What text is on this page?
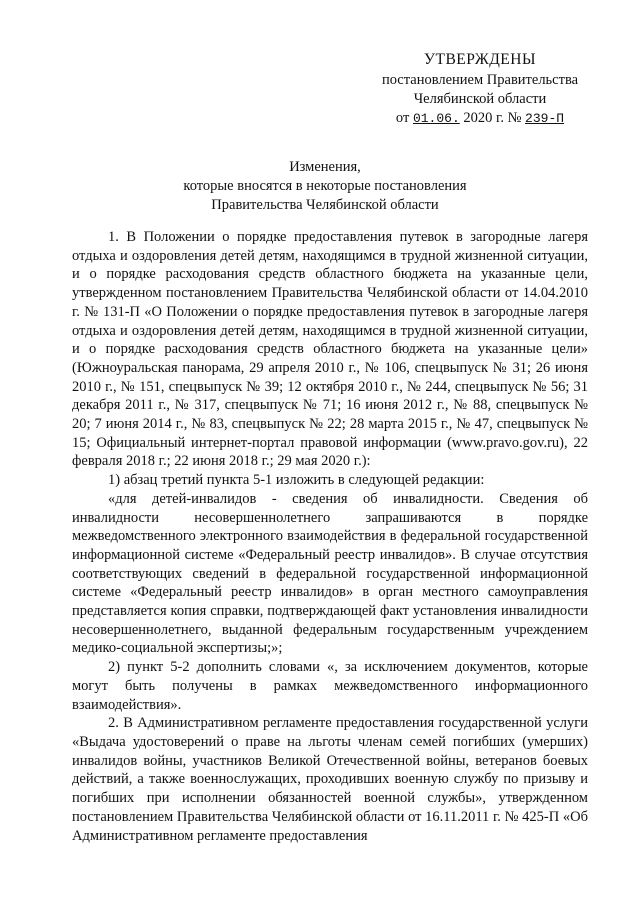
УТВЕРЖДЕНЫ
постановлением Правительства
Челябинской области
от 01.06. 2020 г. № 239-П
Изменения,
которые вносятся в некоторые постановления
Правительства Челябинской области

1. В Положении о порядке предоставления путевок в загородные лагеря отдыха и оздоровления детей детям, находящимся в трудной жизненной ситуации, и о порядке расходования средств областного бюджета на указанные цели, утвержденном постановлением Правительства Челябинской области от 14.04.2010 г. № 131-П «О Положении о порядке предоставления путевок в загородные лагеря отдыха и оздоровления детей детям, находящимся в трудной жизненной ситуации, и о порядке расходования средств областного бюджета на указанные цели» (Южноуральская панорама, 29 апреля 2010 г., № 106, спецвыпуск № 31; 26 июня 2010 г., № 151, спецвыпуск № 39; 12 октября 2010 г., № 244, спецвыпуск № 56; 31 декабря 2011 г., № 317, спецвыпуск № 71; 16 июня 2012 г., № 88, спецвыпуск № 20; 7 июня 2014 г., № 83, спецвыпуск № 22; 28 марта 2015 г., № 47, спецвыпуск № 15; Официальный интернет-портал правовой информации (www.pravo.gov.ru), 22 февраля 2018 г.; 22 июня 2018 г.; 29 мая 2020 г.):

1) абзац третий пункта 5-1 изложить в следующей редакции:

«для детей-инвалидов - сведения об инвалидности. Сведения об инвалидности несовершеннолетнего запрашиваются в порядке межведомственного электронного взаимодействия в федеральной государственной информационной системе «Федеральный реестр инвалидов». В случае отсутствия соответствующих сведений в федеральной государственной информационной системе «Федеральный реестр инвалидов» в орган местного самоуправления представляется копия справки, подтверждающей факт установления инвалидности несовершеннолетнего, выданной федеральным государственным учреждением медико-социальной экспертизы;»;

2) пункт 5-2 дополнить словами «, за исключением документов, которые могут быть получены в рамках межведомственного информационного взаимодействия».

2. В Административном регламенте предоставления государственной услуги «Выдача удостоверений о праве на льготы членам семей погибших (умерших) инвалидов войны, участников Великой Отечественной войны, ветеранов боевых действий, а также военнослужащих, проходивших военную службу по призыву и погибших при исполнении обязанностей военной службы», утвержденном постановлением Правительства Челябинской области от 16.11.2011 г. № 425-П «Об Административном регламенте предоставления
